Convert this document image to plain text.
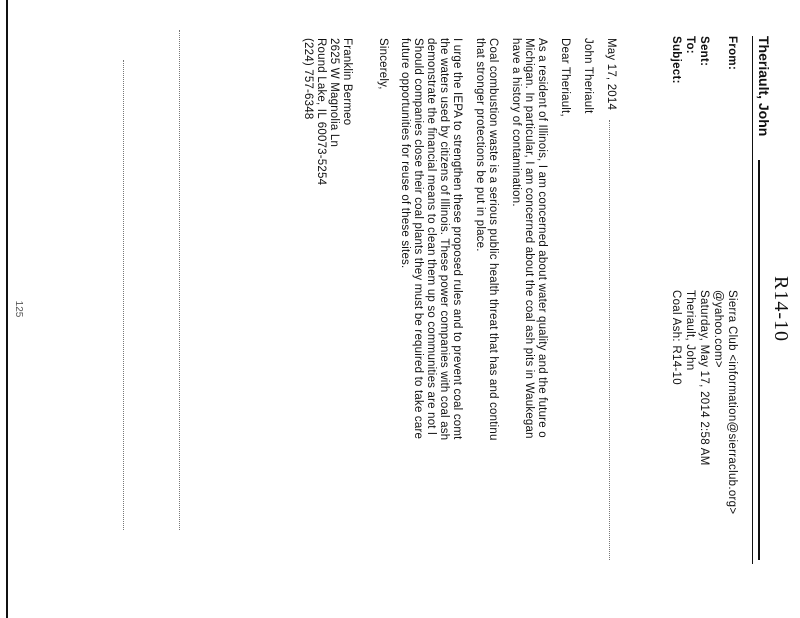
R14-10
Theriault, John
From:
Sent:
To:
Subject:
Sierra Club <information@sierraclub.org>
@yahoo.com>
Saturday, May 17, 2014 2:58 AM
Theriault, John
Coal Ash: R14-10
May 17, 2014
John Theriault
Dear Theriault,
As a resident of Illinois, I am concerned about water quality and the future o
Michigan. In particular, I am concerned about the coal ash pits in Waukegan
have a history of contamination.
Coal combustion waste is a serious public health threat that has and continu
that stronger protections be put in place.
I urge the IEPA to strengthen these proposed rules and to prevent coal comt
the waters used by citizens of Illinois. These power companies with coal ash
demonstrate the financial means to clean them up so communities are not l
Should companies close their coal plants they must be required to take care
future opportunities for reuse of these sites.
Sincerely,
Franklin Bermeo
2625 W Magnolia Ln
Round Lake, IL 60073-5254
(224) 757-6348
125
